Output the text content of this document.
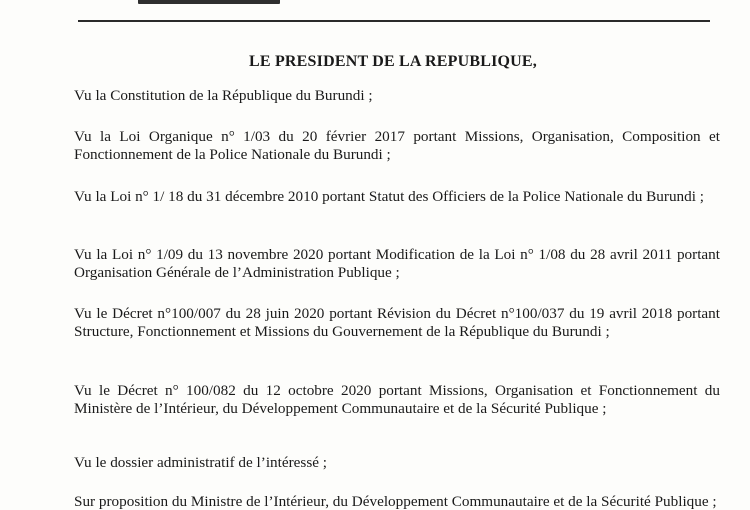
LE PRESIDENT DE LA REPUBLIQUE,

Vu la Constitution de la République du Burundi ;

Vu la Loi Organique n° 1/03 du 20 février 2017 portant Missions, Organisation, Composition et Fonctionnement de la Police Nationale du Burundi ;

Vu la Loi n° 1/ 18 du 31 décembre 2010 portant Statut des Officiers de la Police Nationale du Burundi ;

Vu la Loi n° 1/09 du 13 novembre 2020 portant Modification de la Loi n° 1/08 du 28 avril 2011 portant Organisation Générale de l’Administration Publique ;

Vu le Décret n°100/007 du 28 juin 2020 portant Révision du Décret n°100/037 du 19 avril 2018 portant Structure, Fonctionnement et Missions du Gouvernement de la République du Burundi ;

Vu le Décret n° 100/082 du 12 octobre 2020 portant Missions, Organisation et Fonctionnement du Ministère de l’Intérieur, du Développement Communautaire et de la Sécurité Publique ;

Vu le dossier administratif de l’intéressé ;

Sur proposition du Ministre de l’Intérieur, du Développement Communautaire et de la Sécurité Publique ;
